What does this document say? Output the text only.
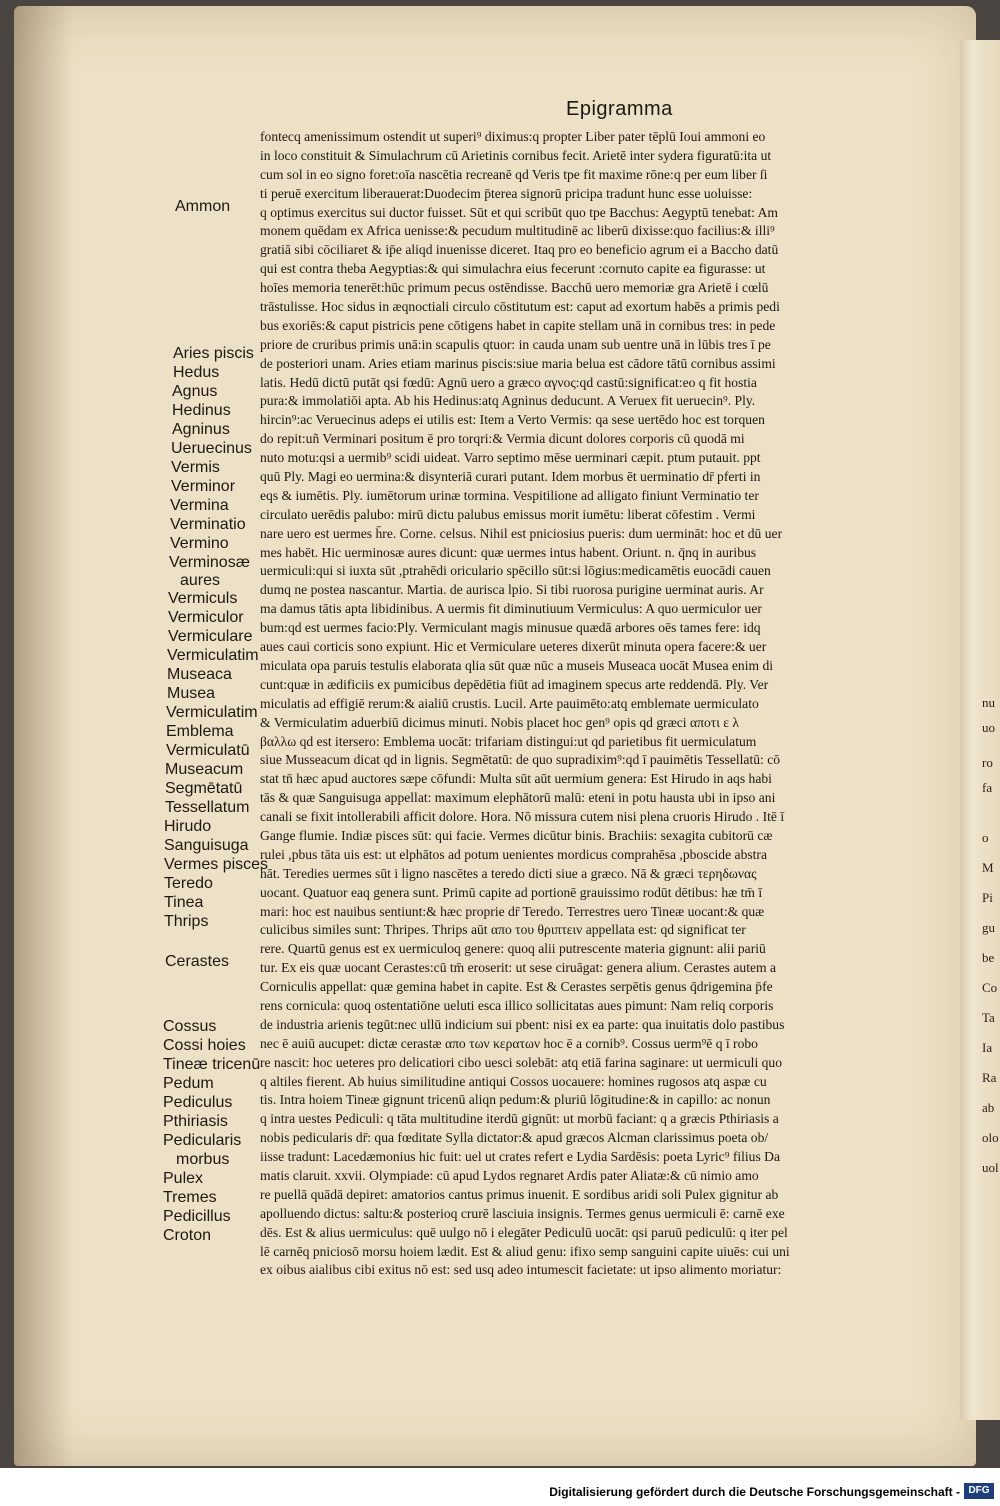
nu
uo
ro
fa
o
M
Pi
gu
be
Co
Ta
Ia
Ra
ab
olo
uol
Epigramma
fontecq amenissimum ostendit ut superi⁹ diximus:q propter Liber pater tēplū Ioui ammoni eo
in loco constituit & Simulachrum cū Arietinis cornibus fecit. Arietē inter sydera figuratū:ita ut
cum sol in eo signo foret:oīa nascētia recreanē qd Veris tpe fit maxime rōne:q per eum liber ſi
ti peruē exercitum liberauerat:Duodecim p̄terea signorū pricipa tradunt hunc esse uoluisse:
q optimus exercitus sui ductor fuisset. Sūt et qui scribūt quo tpe Bacchus: Aegyptū tenebat: Am
monem quēdam ex Africa uenisse:& pecudum multitudinē ac liberū dixisse:quo facilius:& illi⁹
gratiā sibi cōciliaret & ip̄e aliqd inuenisse diceret. Itaq pro eo beneficio agrum ei a Baccho datū
qui est contra theba Aegyptias:& qui simulachra eius fecerunt :cornuto capite ea figurasse: ut
hoīes memoria tenerēt:hūc primum pecus ostēndisse. Bacchū uero memoriæ gra Arietē i cœlū
trāstulisse. Hoc sidus in æqnoctiali circulo cōstitutum est: caput ad exortum habēs a primis pedi
bus exoriēs:& caput pistricis pene cōtigens habet in capite stellam unā in cornibus tres: in pede
priore de cruribus primis unā:in scapulis qtuor: in cauda unam sub uentre unā in lūbis tres ī pe
de posteriori unam. Aries etiam marinus piscis:siue maria belua est cādore tātū cornibus assimi
latis. Hedū dictū putāt qsi fœdū: Agnū uero a græco αγνος:qd castū:significat:eo q fit hostia
pura:& immolatiōi apta. Ab his Hedinus:atq Agninus deducunt. A Veruex fit ueruecin⁹. Ply.
hircin⁹:ac Veruecinus adeps ei utilis est: Item a Verto Vermis: qa sese uertēdo hoc est torquen
do repit:uñ Verminari positum ē pro torqri:& Vermia dicunt dolores corporis cū quodā mi
nuto motu:qsi a uermib⁹ scidi uideat. Varro septimo mēse uerminari cæpit. ptum putauit. ppt
quū Ply. Magi eo uermina:& disynteriā curari putant. Idem morbus ēt uerminatio dr̄ pferti in
eqs & iumētis. Ply. iumētorum urinæ tormina. Vespitilione ad alligato finiunt Verminatio ter
circulato uerēdis palubo: mirū dictu palubus emissus morit iumētu: liberat cōfestim . Vermi
nare uero est uermes h̄re. Corne. celsus. Nihil est pniciosius pueris: dum uermināt: hoc et dū uer
mes habēt. Hic uerminosæ aures dicunt: quæ uermes intus habent. Oriunt. n. q̄nq in auribus
uermiculi:qui si iuxta sūt ,ptrahēdi oriculario spēcillo sūt:si lōgius:medicamētis euocādi cauen
dumq ne postea nascantur. Martia. de aurisca lpio. Si tibi ruorosa purigine uerminat auris. Ar
ma damus tātis apta libidinibus. A uermis fit diminutiuum Vermiculus: A quo uermiculor uer
bum:qd est uermes facio:Ply. Vermiculant magis minusue quædā arbores oēs tames fere: idq
aues caui corticis sono expiunt. Hic et Vermiculare ueteres dixerūt minuta opera facere:& uer
miculata opa paruis testulis elaborata qlia sūt quæ nūc a museis Museaca uocāt Musea enim di
cunt:quæ in ædificiis ex pumicibus depēdētia fiūt ad imaginem specus arte reddendā. Ply. Ver
miculatis ad effigiē rerum:& aialiū crustis. Lucil. Arte pauimēto:atq emblemate uermiculato
& Vermiculatim aduerbiū dicimus minuti. Nobis placet hoc gen⁹ opis qd græci αποτι ε λ
βαλλω qd est itersero: Emblema uocāt: trifariam distingui:ut qd parietibus fit uermiculatum
siue Musseacum dicat qd in lignis. Segmētatū: de quo supradixim⁹:qd ī pauimētis Tessellatū: cō
stat tn̄ hæc apud auctores sæpe cōfundi: Multa sūt aūt uermium genera: Est Hirudo in aqs habi
tās & quæ Sanguisuga appellat: maximum elephātorū malū: eteni in potu hausta ubi in ipso ani
canali se fixit intollerabili afficit dolore. Hora. Nō missura cutem nisi plena cruoris Hirudo . Itē ī
Gange flumie. Indiæ pisces sūt: qui facie. Vermes dicūtur binis. Brachiis: sexagita cubitorū cæ
rulei ,pbus tāta uis est: ut elphātos ad potum uenientes mordicus comprahēsa ,pboscide abstra
hāt. Teredies uermes sūt i ligno nascētes a teredo dicti siue a græco. Nā & græci τερηδωνας
uocant. Quatuor eaq genera sunt. Primū capite ad portionē grauissimo rodūt dētibus: hæ tm̄ ī
mari: hoc est nauibus sentiunt:& hæc proprie dr̄ Teredo. Terrestres uero Tineæ uocant:& quæ
culicibus similes sunt: Thripes. Thrips aūt απο του θριπτειν appellata est: qd significat ter
rere. Quartū genus est ex uermiculoq genere: quoq alii putrescente materia gignunt: alii pariū
tur. Ex eis quæ uocant Cerastes:cū tm̄ eroserit: ut sese ciruāgat: genera alium. Cerastes autem a
Corniculis appellat: quæ gemina habet in capite. Est & Cerastes serpētis genus q̄drigemina p̄fe
rens cornicula: quoq ostentatiōne ueluti esca illico sollicitatas aues pimunt: Nam reliq corporis
de industria arienis tegūt:nec ullū indicium sui pbent: nisi ex ea parte: qua inuitatis dolo pastibus
nec ē auiū aucupet: dictæ cerastæ απο των κερατων hoc ē a cornib⁹. Cossus uerm⁹ē q ī robo
re nascit: hoc ueteres pro delicatiori cibo uesci solebāt: atq etiā farina saginare: ut uermiculi quo
q altiles fierent. Ab huius similitudine antiqui Cossos uocauere: homines rugosos atq aspæ cu
tis. Intra hoiem Tineæ gignunt tricenū aliqn pedum:& pluriū lōgitudine:& in capillo: ac nonun
q intra uestes Pediculi: q tāta multitudine iterdū gignūt: ut morbū faciant: q a græcis Pthiriasis a
nobis pedicularis dr̄: qua fœditate Sylla dictator:& apud græcos Alcman clarissimus poeta ob/
iisse tradunt: Lacedæmonius hic fuit: uel ut crates refert e Lydia Sardēsis: poeta Lyric⁹ filius Da
matis claruit. xxvii. Olympiade: cū apud Lydos regnaret Ardis pater Aliatæ:& cū nimio amo
re puellā quādā depiret: amatorios cantus primus inuenit. E sordibus aridi soli Pulex gignitur ab
apolluendo dictus: saltu:& posterioq crurē lasciuia insignis. Termes genus uermiculi ē: carnē exe
dēs. Est & alius uermiculus: quē uulgo nō i elegāter Pediculū uocāt: qsi paruū pediculū: q iter pel
lē carnēq pniciosō morsu hoiem lædit. Est & aliud genu: ifixo semp sanguini capite uiuēs: cui uni
ex oibus aialibus cibi exitus nō est: sed usq adeo intumescit facietate: ut ipso alimento moriatur:
Ammon
Aries piscis
Hedus
Agnus
Hedinus
Agninus
Ueruecinus
Vermis
Verminor
Vermina
Verminatio
Vermino
Verminosæ
aures
Vermiculs
Vermiculor
Vermiculare
Vermiculatim
Museaca
Musea
Vermiculatim
Emblema
Vermiculatū
Museacum
Segmētatū
Tessellatum
Hirudo
Sanguisuga
Vermes pisces
Teredo
Tinea
Thrips
Cerastes
Cossus
Cossi hoies
Tineæ tricenū
Pedum
Pediculus
Pthiriasis
Pedicularis
morbus
Pulex
Tremes
Pedicillus
Croton
Digitalisierung gefördert durch die Deutsche Forschungsgemeinschaft - DFG
